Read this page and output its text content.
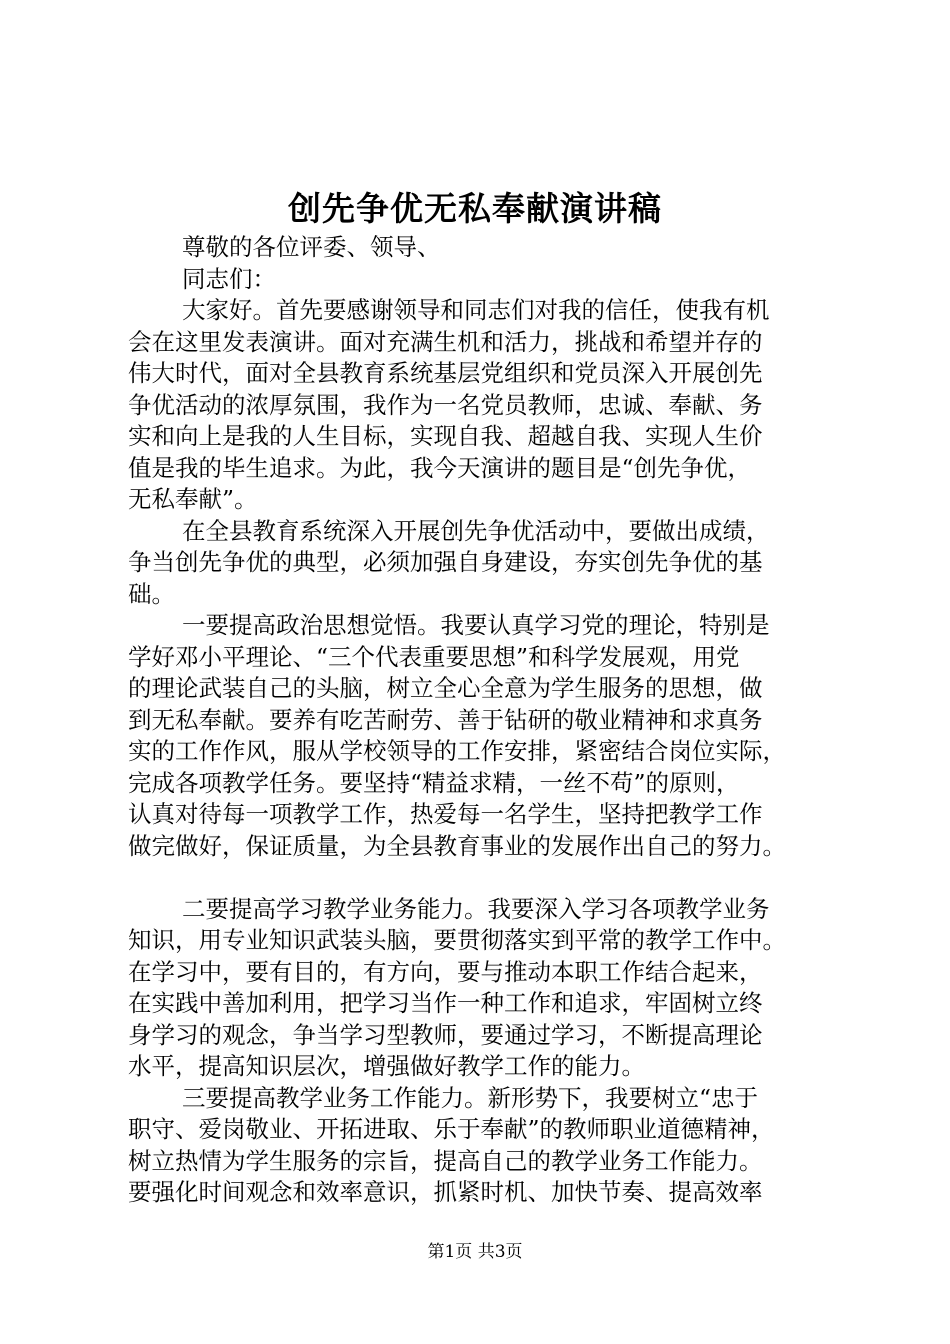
创先争优无私奉献演讲稿
尊敬的各位评委、领导、
同志们：
大家好。首先要感谢领导和同志们对我的信任，使我有机
会在这里发表演讲。面对充满生机和活力，挑战和希望并存的
伟大时代，面对全县教育系统基层党组织和党员深入开展创先
争优活动的浓厚氛围，我作为一名党员教师，忠诚、奉献、务
实和向上是我的人生目标，实现自我、超越自我、实现人生价
值是我的毕生追求。为此，我今天演讲的题目是“创先争优，
无私奉献”。
在全县教育系统深入开展创先争优活动中，要做出成绩，
争当创先争优的典型，必须加强自身建设，夯实创先争优的基
础。
一要提高政治思想觉悟。我要认真学习党的理论，特别是
学好邓小平理论、“三个代表重要思想”和科学发展观，用党
的理论武装自己的头脑，树立全心全意为学生服务的思想，做
到无私奉献。要养有吃苦耐劳、善于钻研的敬业精神和求真务
实的工作作风，服从学校领导的工作安排，紧密结合岗位实际，
完成各项教学任务。要坚持“精益求精，一丝不苟”的原则，
认真对待每一项教学工作，热爱每一名学生，坚持把教学工作
做完做好，保证质量，为全县教育事业的发展作出自己的努力。
二要提高学习教学业务能力。我要深入学习各项教学业务
知识，用专业知识武装头脑，要贯彻落实到平常的教学工作中。
在学习中，要有目的，有方向，要与推动本职工作结合起来，
在实践中善加利用，把学习当作一种工作和追求，牢固树立终
身学习的观念，争当学习型教师，要通过学习，不断提高理论
水平，提高知识层次，增强做好教学工作的能力。
三要提高教学业务工作能力。新形势下，我要树立“忠于
职守、爱岗敬业、开拓进取、乐于奉献”的教师职业道德精神，
树立热情为学生服务的宗旨，提高自己的教学业务工作能力。
要强化时间观念和效率意识，抓紧时机、加快节奏、提高效率
第1页 共3页
